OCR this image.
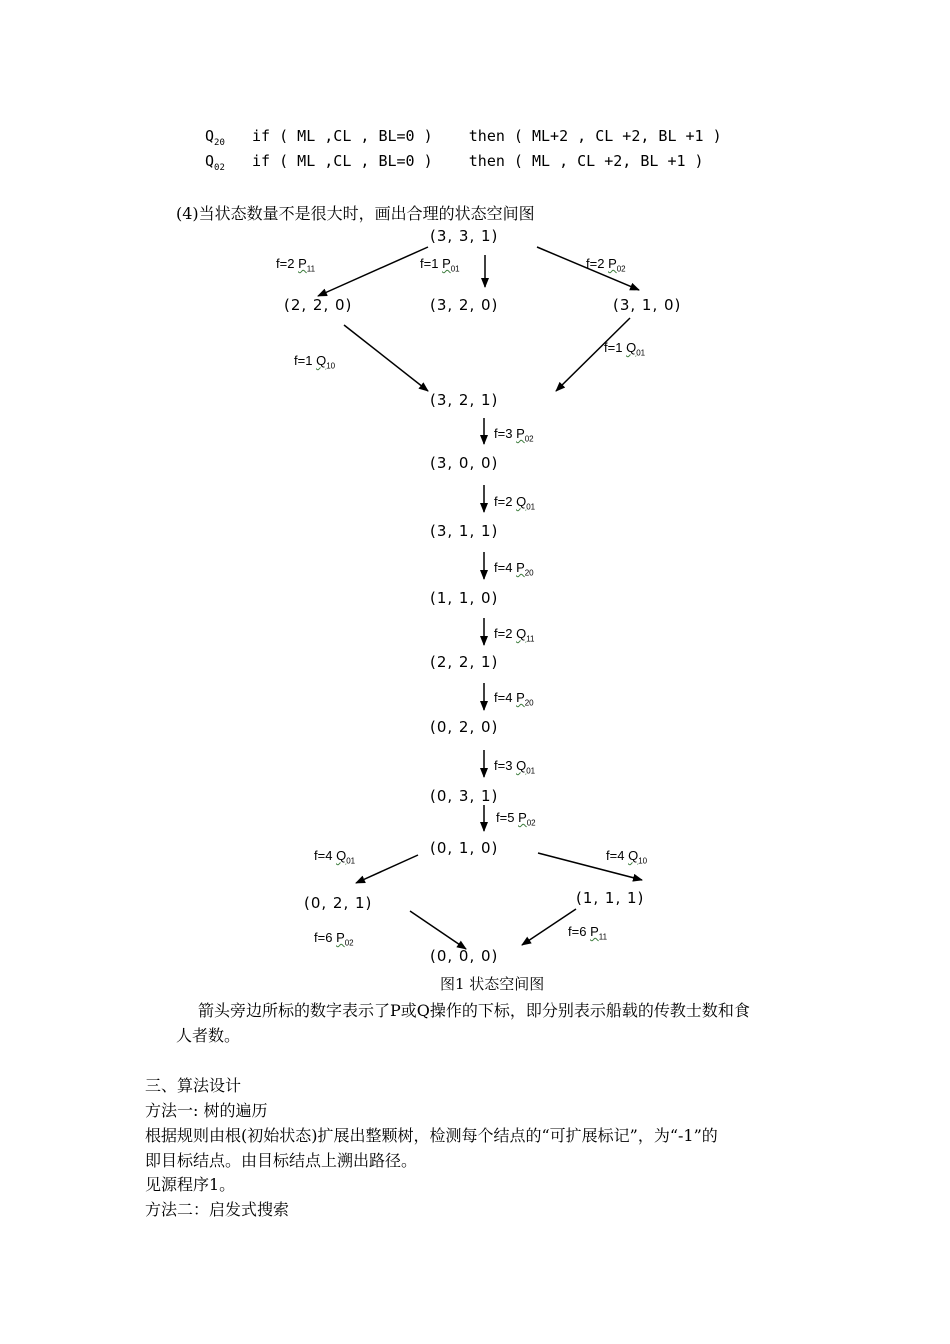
$Q_{20}$ if ( ML ,CL , BL=0 ) then ( ML+2 , CL +2, BL +1 )
$Q_{02}$ if ( ML ,CL , BL=0 ) then ( ML , CL +2, BL +1 )
(4)当状态数量不是很大时，画出合理的状态空间图
(3, 3, 1)
(2, 2, 0)	(3, 2, 0)	(3, 1, 0)
(3, 2, 1)
(3, 0, 0)
(3, 1, 1)
(1, 1, 0)
(2, 2, 1)
(0, 2, 0)
(0, 3, 1)
(0, 1, 0)
(0, 2, 1)	(1, 1, 1)
(0, 0, 0)
f=2 $P_{11}$	f=1 $P_{01}$	f=2 $P_{02}$
f=1 $Q_{10}$
f=1 $Q_{01}$
f=3 $P_{02}$
f=2 $Q_{01}$
f=4 $P_{20}$
f=2 $Q_{11}$
f=4 $P_{20}$
f=3 $Q_{01}$
f=5 $P_{02}$
f=4 $Q_{01}$	f=4 $Q_{10}$
f=6 $P_{02}$
f=6 $P_{11}$
图1 状态空间图
箭头旁边所标的数字表示了P或Q操作的下标，即分别表示船载的传教士数和食
人者数。
三、算法设计
方法一: 树的遍历
根据规则由根(初始状态)扩展出整颗树，检测每个结点的“可扩展标记”，为“-1”的
即目标结点。由目标结点上溯出路径。
见源程序1。
方法二：启发式搜索
